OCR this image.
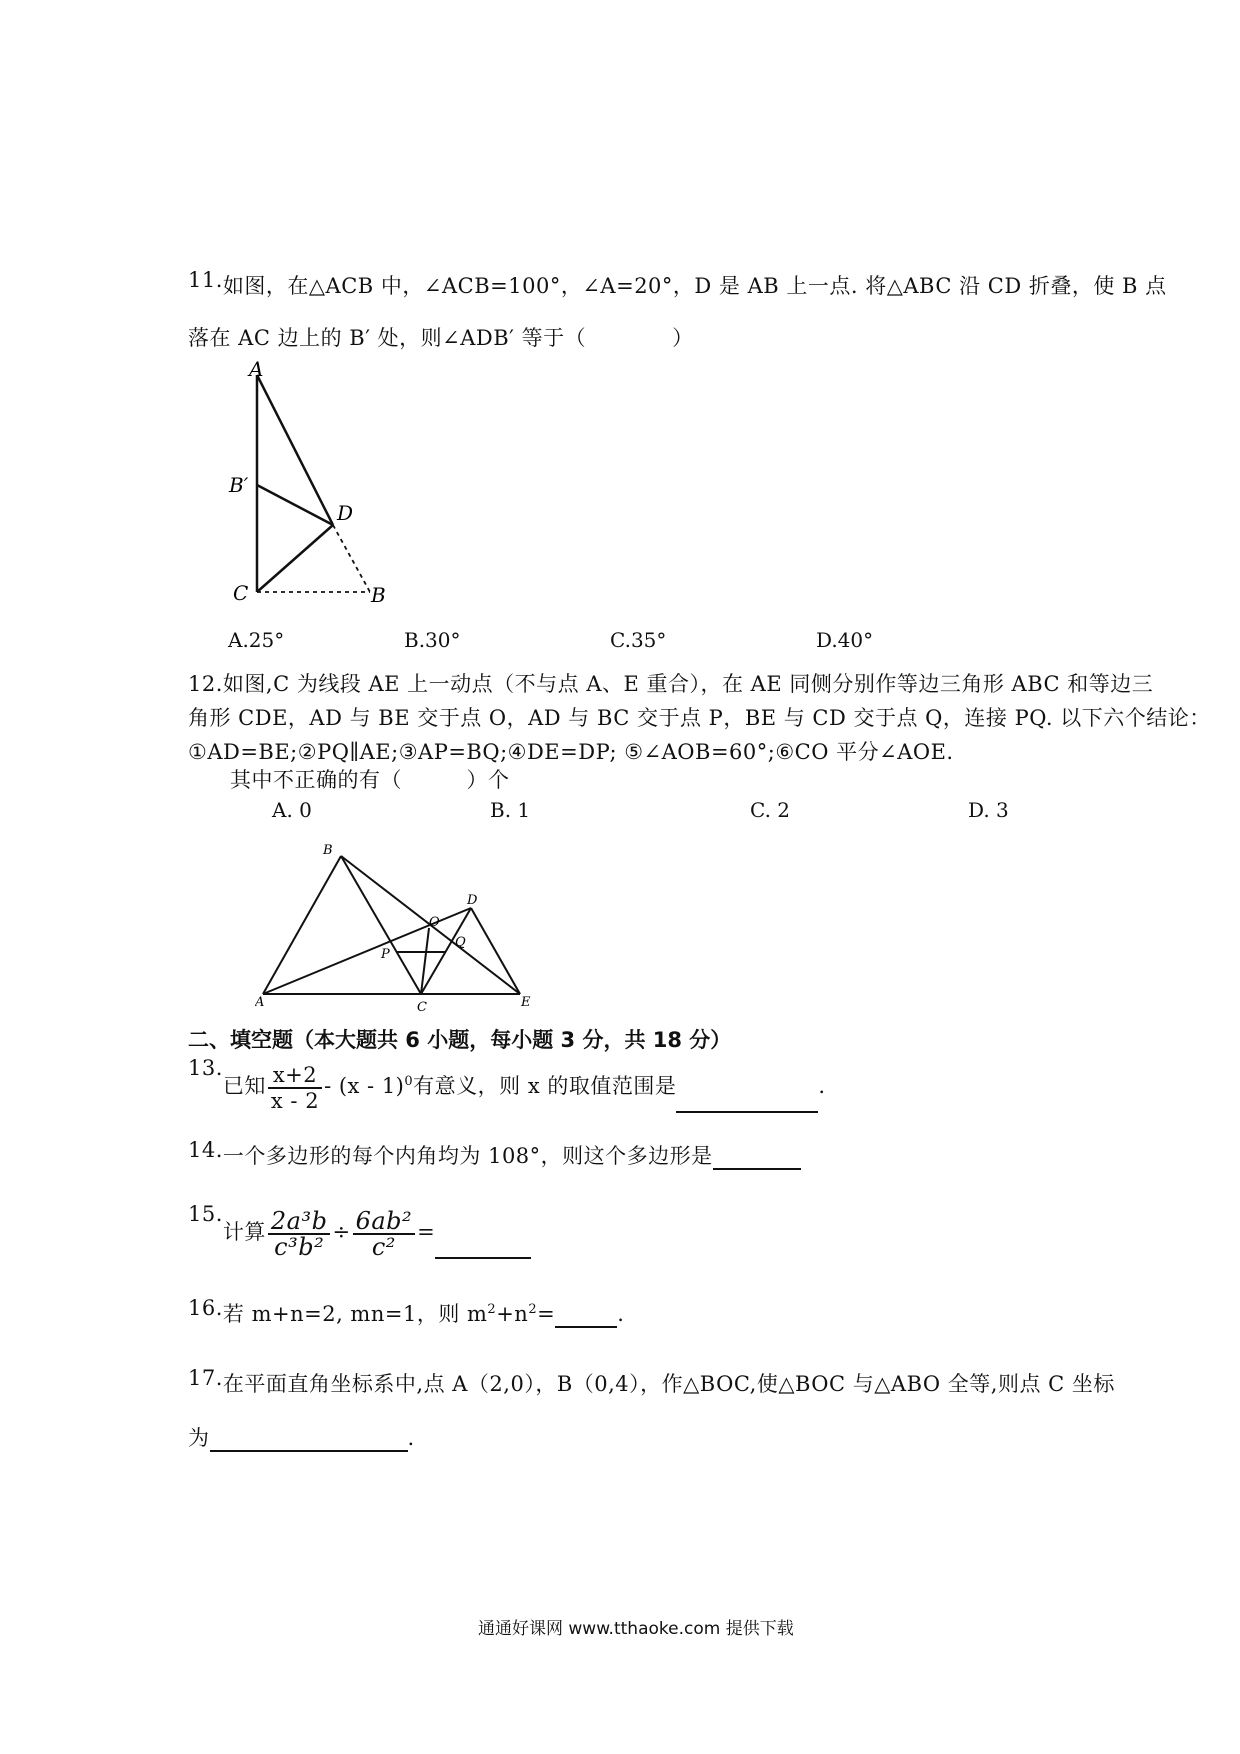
11.如图，在△ACB 中，∠ACB=100°，∠A=20°，D 是 AB 上一点. 将△ABC 沿 CD 折叠，使 B 点
落在 AC 边上的 B′ 处，则∠ADB′ 等于（　　　　）
A
B′
D
C	B
A.25°	B.30°	C.35°	D.40°
12.如图,C 为线段 AE 上一动点（不与点 A、E 重合），在 AE 同侧分别作等边三角形 ABC 和等边三
角形 CDE，AD 与 BE 交于点 O，AD 与 BC 交于点 P，BE 与 CD 交于点 Q，连接 PQ. 以下六个结论：
①AD=BE;②PQ∥AE;③AP=BQ;④DE=DP; ⑤∠AOB=60°;⑥CO 平分∠AOE.
其中不正确的有（　　　）个
A. 0	B. 1	C. 2	D. 3
B
D
O
P
Q
A	C	E
二、填空题（本大题共 6 小题，每小题 3 分，共 18 分）
13.已知 $\frac{x+2}{x - 2} - (x - 1)^0$有意义，则 x 的取值范围是	.
14.一个多边形的每个内角均为 108°，则这个多边形是
15.计算 $\frac{\text{2a³b}}{\text{c³b²}} \div \frac{\text{6ab²}}{\text{c²}}$ =
16.若 m+n=2, mn=1，则 $m^2+n^2=$	.
17.在平面直角坐标系中,点 A（2,0），B（0,4），作△BOC,使△BOC 与△ABO 全等,则点 C 坐标
为	.
通通好课网 www.tthaoke.com 提供下载
